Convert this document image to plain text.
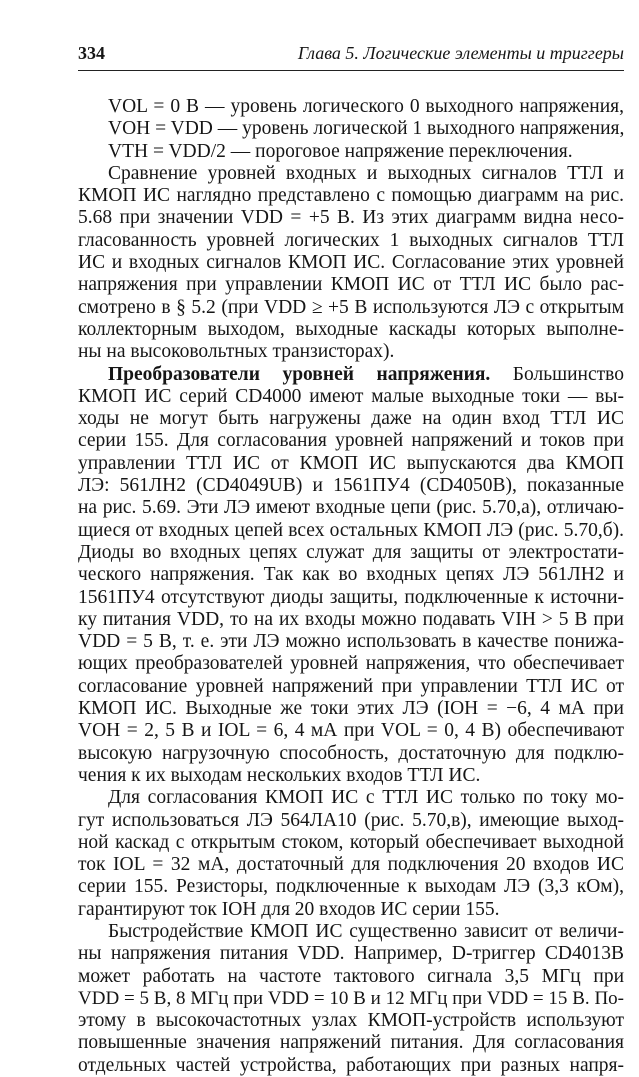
334	Глава 5. Логические элементы и триггеры
VOL = 0 В — уровень логического 0 выходного напряжения,
VOH = VDD — уровень логической 1 выходного напряжения,
VTH = VDD/2 — пороговое напряжение переключения.
Сравнение уровней входных и выходных сигналов ТТЛ и
КМОП ИС наглядно представлено с помощью диаграмм на рис.
5.68 при значении VDD = +5 В. Из этих диаграмм видна несо-
гласованность уровней логических 1 выходных сигналов ТТЛ
ИС и входных сигналов КМОП ИС. Согласование этих уровней
напряжения при управлении КМОП ИС от ТТЛ ИС было рас-
смотрено в § 5.2 (при VDD ≥ +5 В используются ЛЭ с открытым
коллекторным выходом, выходные каскады которых выполне-
ны на высоковольтных транзисторах).
Преобразователи уровней напряжения. Большинство
КМОП ИС серий CD4000 имеют малые выходные токи — вы-
ходы не могут быть нагружены даже на один вход ТТЛ ИС
серии 155. Для согласования уровней напряжений и токов при
управлении ТТЛ ИС от КМОП ИС выпускаются два КМОП
ЛЭ: 561ЛН2 (CD4049UB) и 1561ПУ4 (CD4050B), показанные
на рис. 5.69. Эти ЛЭ имеют входные цепи (рис. 5.70,а), отличаю-
щиеся от входных цепей всех остальных КМОП ЛЭ (рис. 5.70,б).
Диоды во входных цепях служат для защиты от электростати-
ческого напряжения. Так как во входных цепях ЛЭ 561ЛН2 и
1561ПУ4 отсутствуют диоды защиты, подключенные к источни-
ку питания VDD, то на их входы можно подавать VIH > 5 В при
VDD = 5 В, т. е. эти ЛЭ можно использовать в качестве понижа-
ющих преобразователей уровней напряжения, что обеспечивает
согласование уровней напряжений при управлении ТТЛ ИС от
КМОП ИС. Выходные же токи этих ЛЭ (IOH = −6, 4 мА при
VOH = 2, 5 В и IOL = 6, 4 мА при VOL = 0, 4 В) обеспечивают
высокую нагрузочную способность, достаточную для подклю-
чения к их выходам нескольких входов ТТЛ ИС.
Для согласования КМОП ИС с ТТЛ ИС только по току мо-
гут использоваться ЛЭ 564ЛА10 (рис. 5.70,в), имеющие выход-
ной каскад с открытым стоком, который обеспечивает выходной
ток IOL = 32 мА, достаточный для подключения 20 входов ИС
серии 155. Резисторы, подключенные к выходам ЛЭ (3,3 кОм),
гарантируют ток IOH для 20 входов ИС серии 155.
Быстродействие КМОП ИС существенно зависит от величи-
ны напряжения питания VDD. Например, D-триггер CD4013B
может работать на частоте тактового сигнала 3,5 МГц при
VDD = 5 В, 8 МГц при VDD = 10 В и 12 МГц при VDD = 15 В. По-
этому в высокочастотных узлах КМОП-устройств используют
повышенные значения напряжений питания. Для согласования
отдельных частей устройства, работающих при разных напря-
